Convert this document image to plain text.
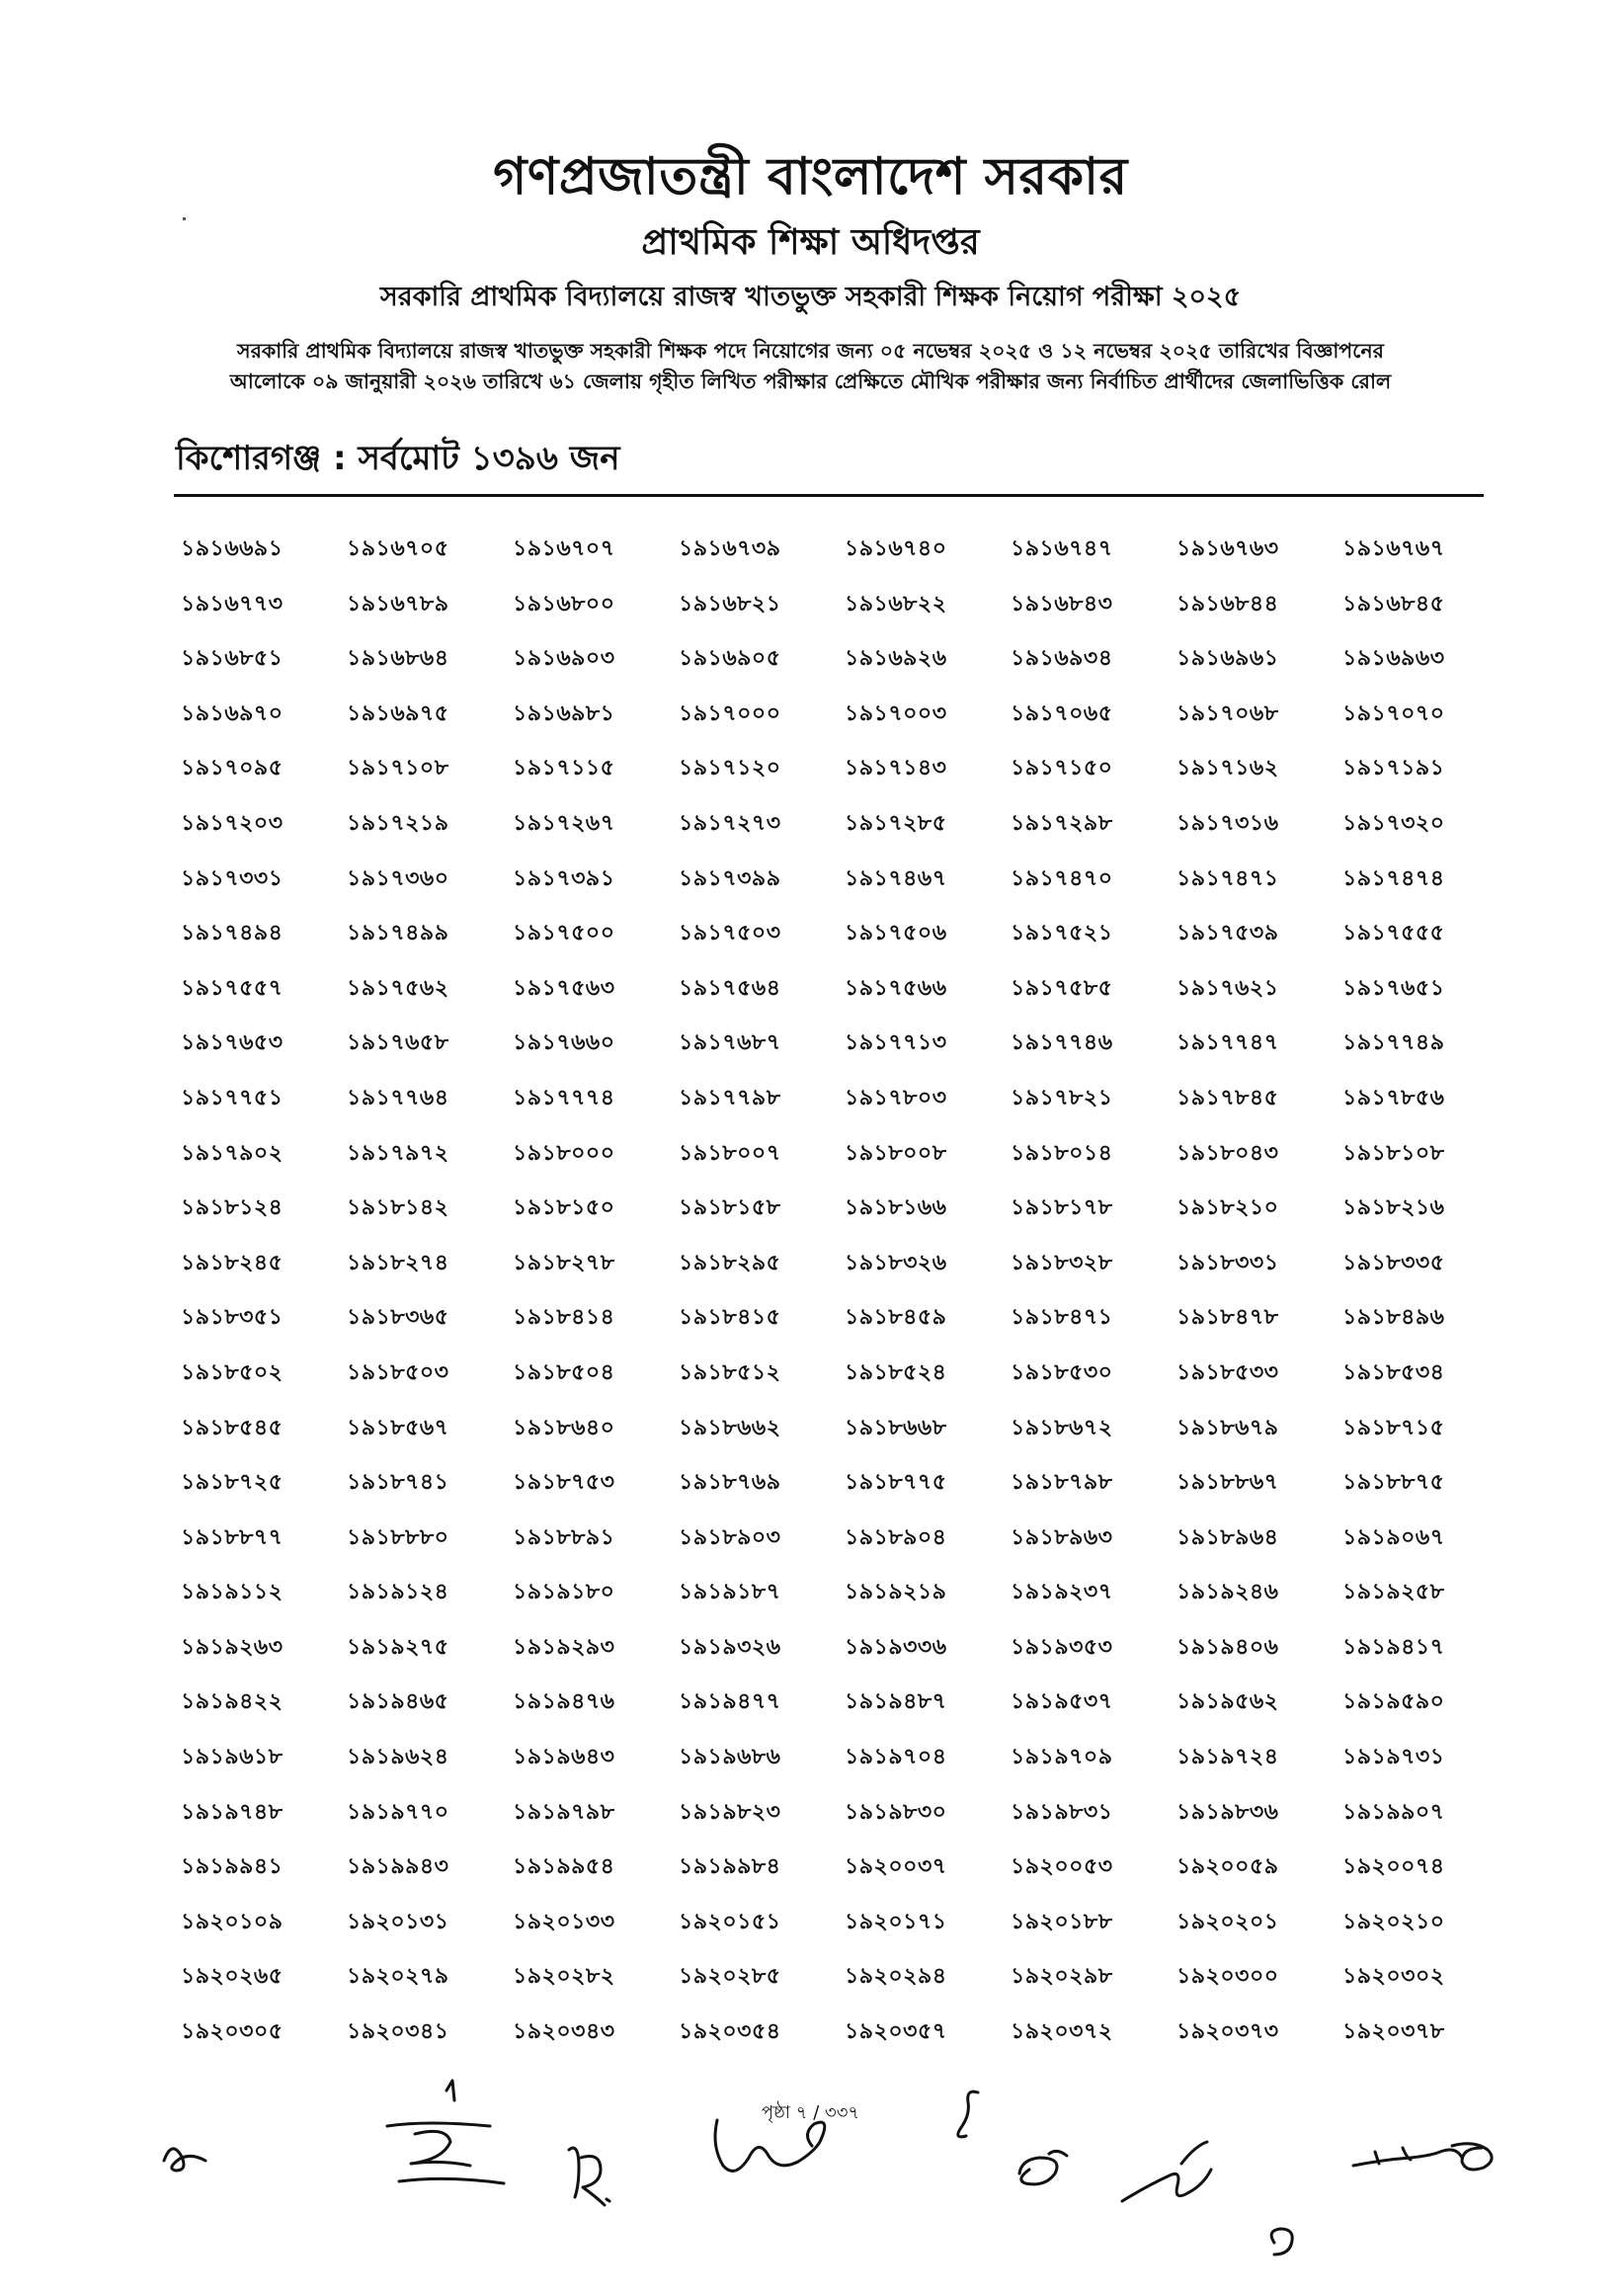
গণপ্রজাতন্ত্রী বাংলাদেশ সরকার
প্রাথমিক শিক্ষা অধিদপ্তর
সরকারি প্রাথমিক বিদ্যালয়ে রাজস্ব খাতভুক্ত সহকারী শিক্ষক নিয়োগ পরীক্ষা ২০২৫
সরকারি প্রাথমিক বিদ্যালয়ে রাজস্ব খাতভুক্ত সহকারী শিক্ষক পদে নিয়োগের জন্য ০৫ নভেম্বর ২০২৫ ও ১২ নভেম্বর ২০২৫ তারিখের বিজ্ঞাপনের
আলোকে ০৯ জানুয়ারী ২০২৬ তারিখে ৬১ জেলায় গৃহীত লিখিত পরীক্ষার প্রেক্ষিতে মৌখিক পরীক্ষার জন্য নির্বাচিত প্রার্থীদের জেলাভিত্তিক রোল
কিশোরগঞ্জ : সর্বমোট ১৩৯৬ জন
১৯১৬৬৯১	১৯১৬৭০৫	১৯১৬৭০৭	১৯১৬৭৩৯	১৯১৬৭৪০	১৯১৬৭৪৭	১৯১৬৭৬৩	১৯১৬৭৬৭
১৯১৬৭৭৩	১৯১৬৭৮৯	১৯১৬৮০০	১৯১৬৮২১	১৯১৬৮২২	১৯১৬৮৪৩	১৯১৬৮৪৪	১৯১৬৮৪৫
১৯১৬৮৫১	১৯১৬৮৬৪	১৯১৬৯০৩	১৯১৬৯০৫	১৯১৬৯২৬	১৯১৬৯৩৪	১৯১৬৯৬১	১৯১৬৯৬৩
১৯১৬৯৭০	১৯১৬৯৭৫	১৯১৬৯৮১	১৯১৭০০০	১৯১৭০০৩	১৯১৭০৬৫	১৯১৭০৬৮	১৯১৭০৭০
১৯১৭০৯৫	১৯১৭১০৮	১৯১৭১১৫	১৯১৭১২০	১৯১৭১৪৩	১৯১৭১৫০	১৯১৭১৬২	১৯১৭১৯১
১৯১৭২০৩	১৯১৭২১৯	১৯১৭২৬৭	১৯১৭২৭৩	১৯১৭২৮৫	১৯১৭২৯৮	১৯১৭৩১৬	১৯১৭৩২০
১৯১৭৩৩১	১৯১৭৩৬০	১৯১৭৩৯১	১৯১৭৩৯৯	১৯১৭৪৬৭	১৯১৭৪৭০	১৯১৭৪৭১	১৯১৭৪৭৪
১৯১৭৪৯৪	১৯১৭৪৯৯	১৯১৭৫০০	১৯১৭৫০৩	১৯১৭৫০৬	১৯১৭৫২১	১৯১৭৫৩৯	১৯১৭৫৫৫
১৯১৭৫৫৭	১৯১৭৫৬২	১৯১৭৫৬৩	১৯১৭৫৬৪	১৯১৭৫৬৬	১৯১৭৫৮৫	১৯১৭৬২১	১৯১৭৬৫১
১৯১৭৬৫৩	১৯১৭৬৫৮	১৯১৭৬৬০	১৯১৭৬৮৭	১৯১৭৭১৩	১৯১৭৭৪৬	১৯১৭৭৪৭	১৯১৭৭৪৯
১৯১৭৭৫১	১৯১৭৭৬৪	১৯১৭৭৭৪	১৯১৭৭৯৮	১৯১৭৮০৩	১৯১৭৮২১	১৯১৭৮৪৫	১৯১৭৮৫৬
১৯১৭৯০২	১৯১৭৯৭২	১৯১৮০০০	১৯১৮০০৭	১৯১৮০০৮	১৯১৮০১৪	১৯১৮০৪৩	১৯১৮১০৮
১৯১৮১২৪	১৯১৮১৪২	১৯১৮১৫০	১৯১৮১৫৮	১৯১৮১৬৬	১৯১৮১৭৮	১৯১৮২১০	১৯১৮২১৬
১৯১৮২৪৫	১৯১৮২৭৪	১৯১৮২৭৮	১৯১৮২৯৫	১৯১৮৩২৬	১৯১৮৩২৮	১৯১৮৩৩১	১৯১৮৩৩৫
১৯১৮৩৫১	১৯১৮৩৬৫	১৯১৮৪১৪	১৯১৮৪১৫	১৯১৮৪৫৯	১৯১৮৪৭১	১৯১৮৪৭৮	১৯১৮৪৯৬
১৯১৮৫০২	১৯১৮৫০৩	১৯১৮৫০৪	১৯১৮৫১২	১৯১৮৫২৪	১৯১৮৫৩০	১৯১৮৫৩৩	১৯১৮৫৩৪
১৯১৮৫৪৫	১৯১৮৫৬৭	১৯১৮৬৪০	১৯১৮৬৬২	১৯১৮৬৬৮	১৯১৮৬৭২	১৯১৮৬৭৯	১৯১৮৭১৫
১৯১৮৭২৫	১৯১৮৭৪১	১৯১৮৭৫৩	১৯১৮৭৬৯	১৯১৮৭৭৫	১৯১৮৭৯৮	১৯১৮৮৬৭	১৯১৮৮৭৫
১৯১৮৮৭৭	১৯১৮৮৮০	১৯১৮৮৯১	১৯১৮৯০৩	১৯১৮৯০৪	১৯১৮৯৬৩	১৯১৮৯৬৪	১৯১৯০৬৭
১৯১৯১১২	১৯১৯১২৪	১৯১৯১৮০	১৯১৯১৮৭	১৯১৯২১৯	১৯১৯২৩৭	১৯১৯২৪৬	১৯১৯২৫৮
১৯১৯২৬৩	১৯১৯২৭৫	১৯১৯২৯৩	১৯১৯৩২৬	১৯১৯৩৩৬	১৯১৯৩৫৩	১৯১৯৪০৬	১৯১৯৪১৭
১৯১৯৪২২	১৯১৯৪৬৫	১৯১৯৪৭৬	১৯১৯৪৭৭	১৯১৯৪৮৭	১৯১৯৫৩৭	১৯১৯৫৬২	১৯১৯৫৯০
১৯১৯৬১৮	১৯১৯৬২৪	১৯১৯৬৪৩	১৯১৯৬৮৬	১৯১৯৭০৪	১৯১৯৭০৯	১৯১৯৭২৪	১৯১৯৭৩১
১৯১৯৭৪৮	১৯১৯৭৭০	১৯১৯৭৯৮	১৯১৯৮২৩	১৯১৯৮৩০	১৯১৯৮৩১	১৯১৯৮৩৬	১৯১৯৯০৭
১৯১৯৯৪১	১৯১৯৯৪৩	১৯১৯৯৫৪	১৯১৯৯৮৪	১৯২০০৩৭	১৯২০০৫৩	১৯২০০৫৯	১৯২০০৭৪
১৯২০১০৯	১৯২০১৩১	১৯২০১৩৩	১৯২০১৫১	১৯২০১৭১	১৯২০১৮৮	১৯২০২০১	১৯২০২১০
১৯২০২৬৫	১৯২০২৭৯	১৯২০২৮২	১৯২০২৮৫	১৯২০২৯৪	১৯২০২৯৮	১৯২০৩০০	১৯২০৩০২
১৯২০৩০৫	১৯২০৩৪১	১৯২০৩৪৩	১৯২০৩৫৪	১৯২০৩৫৭	১৯২০৩৭২	১৯২০৩৭৩	১৯২০৩৭৮
পৃষ্ঠা ৭ / ৩৩৭
